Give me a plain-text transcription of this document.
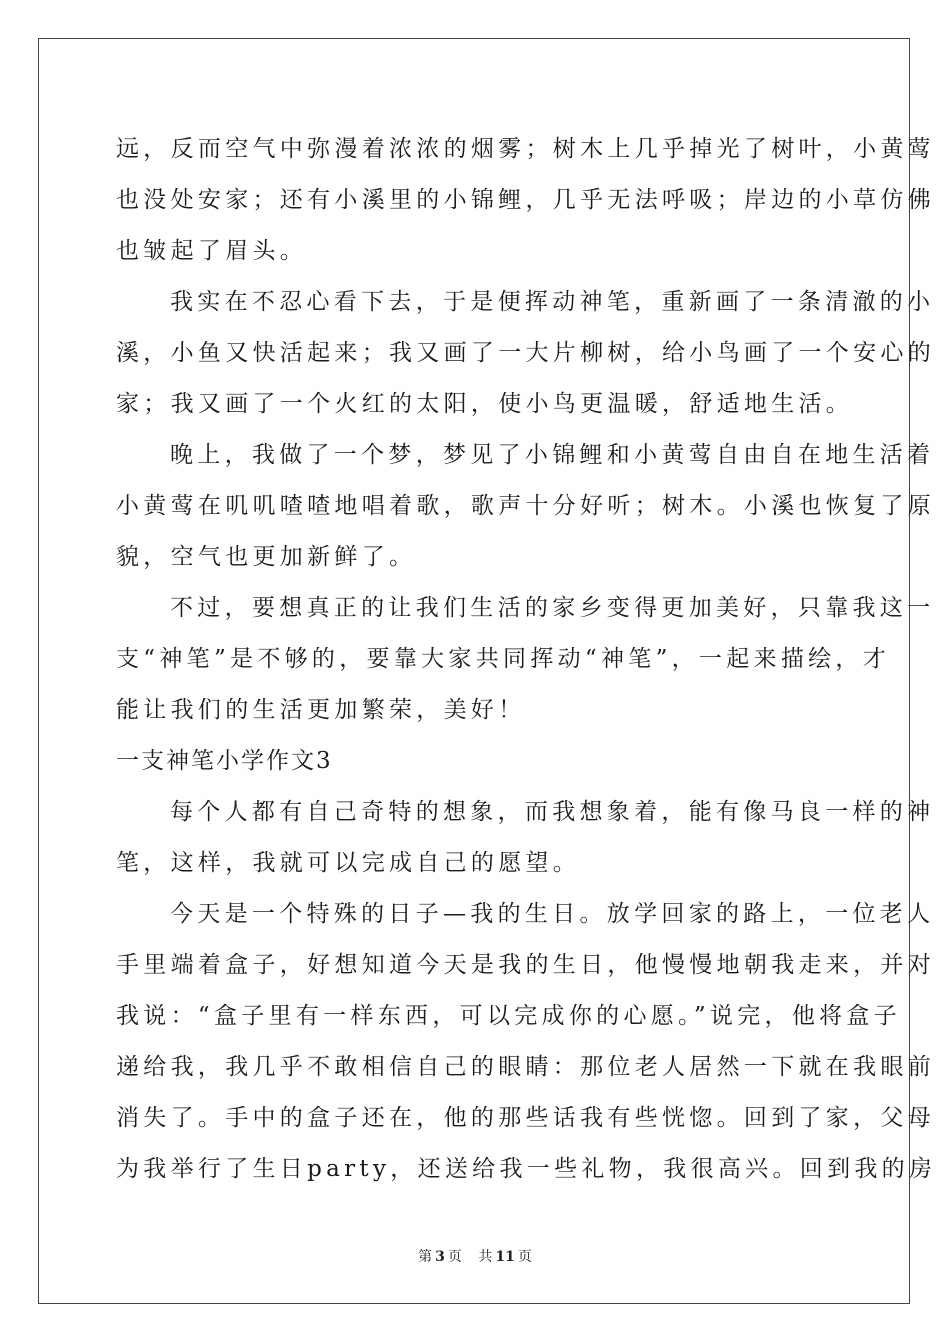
远，反而空气中弥漫着浓浓的烟雾；树木上几乎掉光了树叶，小黄莺
也没处安家；还有小溪里的小锦鲤，几乎无法呼吸；岸边的小草仿佛
也皱起了眉头。
我实在不忍心看下去，于是便挥动神笔，重新画了一条清澈的小
溪，小鱼又快活起来；我又画了一大片柳树，给小鸟画了一个安心的
家；我又画了一个火红的太阳，使小鸟更温暖，舒适地生活。
晚上，我做了一个梦，梦见了小锦鲤和小黄莺自由自在地生活着
小黄莺在叽叽喳喳地唱着歌，歌声十分好听；树木。小溪也恢复了原
貌，空气也更加新鲜了。
不过，要想真正的让我们生活的家乡变得更加美好，只靠我这一
支“神笔”是不够的，要靠大家共同挥动“神笔”，一起来描绘，才
能让我们的生活更加繁荣，美好！
一支神笔小学作文3
每个人都有自己奇特的想象，而我想象着，能有像马良一样的神
笔，这样，我就可以完成自己的愿望。
今天是一个特殊的日子—我的生日。放学回家的路上，一位老人
手里端着盒子，好想知道今天是我的生日，他慢慢地朝我走来，并对
我说：“盒子里有一样东西，可以完成你的心愿。”说完，他将盒子
递给我，我几乎不敢相信自己的眼睛：那位老人居然一下就在我眼前
消失了。手中的盒子还在，他的那些话我有些恍惚。回到了家，父母
为我举行了生日party，还送给我一些礼物，我很高兴。回到我的房
第 3 页 共 11 页
